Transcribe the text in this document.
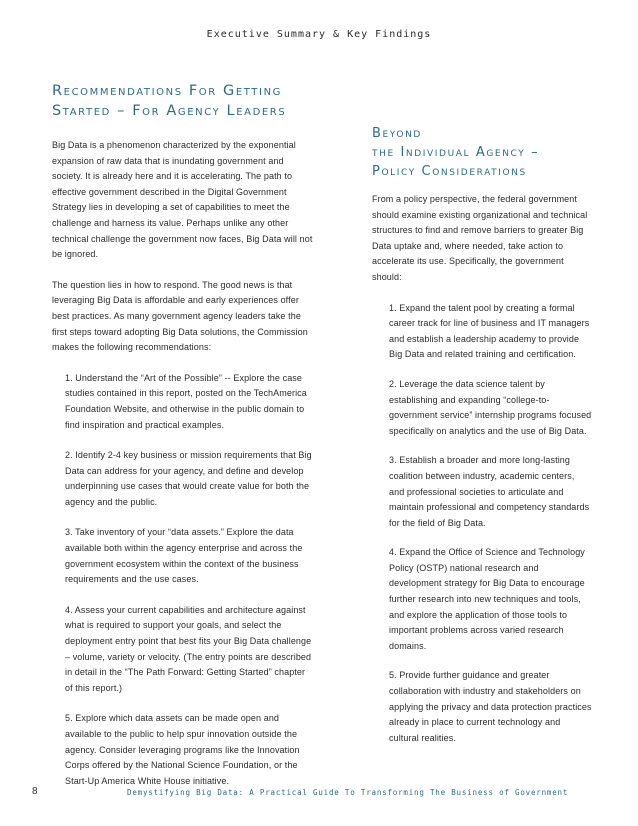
Executive Summary & Key Findings
Recommendations For Getting
Started – For Agency Leaders

Big Data is a phenomenon characterized by the exponential expansion of raw data that is inundating government and society. It is already here and it is accelerating. The path to effective government described in the Digital Government Strategy lies in developing a set of capabilities to meet the challenge and harness its value. Perhaps unlike any other technical challenge the government now faces, Big Data will not be ignored.

The question lies in how to respond. The good news is that leveraging Big Data is affordable and early experiences offer best practices. As many government agency leaders take the first steps toward adopting Big Data solutions, the Commission makes the following recommendations:

1. Understand the “Art of the Possible” -- Explore the case studies contained in this report, posted on the TechAmerica Foundation Website, and otherwise in the public domain to find inspiration and practical examples.

2. Identify 2-4 key business or mission requirements that Big Data can address for your agency, and define and develop underpinning use cases that would create value for both the agency and the public.

3. Take inventory of your “data assets.” Explore the data available both within the agency enterprise and across the government ecosystem within the context of the business requirements and the use cases.

4. Assess your current capabilities and architecture against what is required to support your goals, and select the deployment entry point that best fits your Big Data challenge – volume, variety or velocity. (The entry points are described in detail in the “The Path Forward: Getting Started” chapter of this report.)

5. Explore which data assets can be made open and available to the public to help spur innovation outside the agency. Consider leveraging programs like the Innovation Corps offered by the National Science Foundation, or the Start-Up America White House initiative.

Beyond
the Individual Agency –
Policy Considerations

From a policy perspective, the federal government should examine existing organizational and technical structures to find and remove barriers to greater Big Data uptake and, where needed, take action to accelerate its use. Specifically, the government should:

1. Expand the talent pool by creating a formal career track for line of business and IT managers and establish a leadership academy to provide Big Data and related training and certification.

2. Leverage the data science talent by establishing and expanding “college-to-government service” internship programs focused specifically on analytics and the use of Big Data.

3. Establish a broader and more long-lasting coalition between industry, academic centers, and professional societies to articulate and maintain professional and competency standards for the field of Big Data.

4. Expand the Office of Science and Technology Policy (OSTP) national research and development strategy for Big Data to encourage further research into new techniques and tools, and explore the application of those tools to important problems across varied research domains.

5. Provide further guidance and greater collaboration with industry and stakeholders on applying the privacy and data protection practices already in place to current technology and cultural realities.

8	Demystifying Big Data: A Practical Guide To Transforming The Business of Government
